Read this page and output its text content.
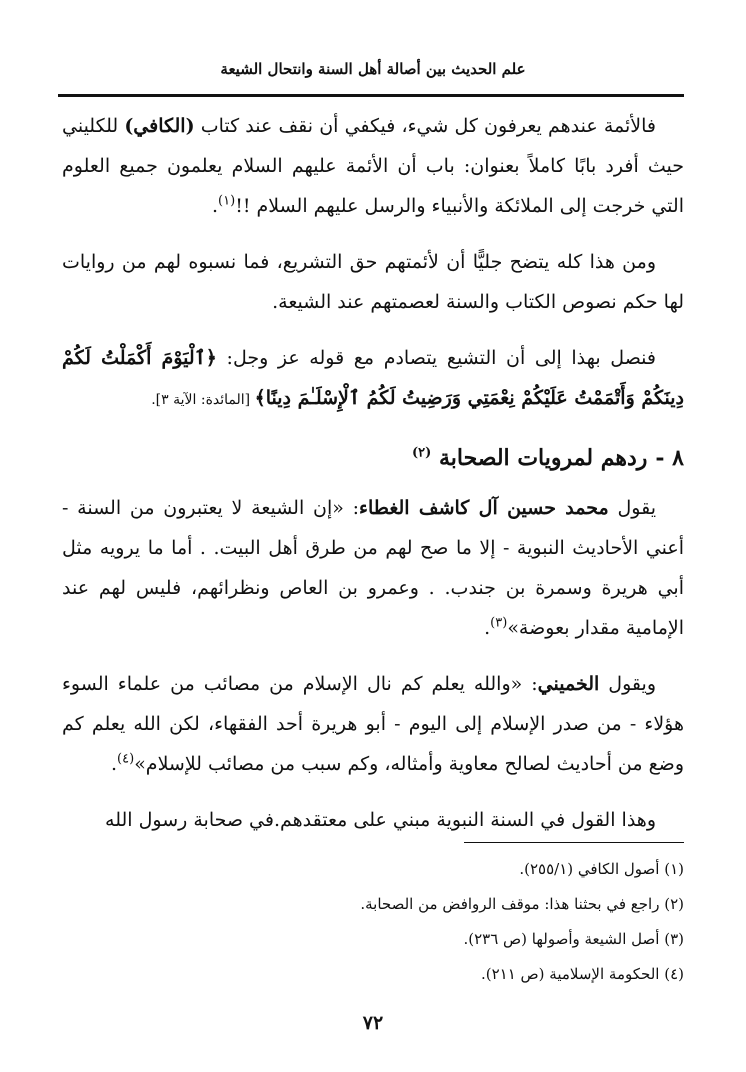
علم الحديث بين أصالة أهل السنة وانتحال الشيعة

فالأئمة عندهم يعرفون كل شيء، فيكفي أن نقف عند كتاب (الكافي) للكليني حيث أفرد بابًا كاملاً بعنوان: باب أن الأئمة عليهم السلام يعلمون جميع العلوم التي خرجت إلى الملائكة والأنبياء والرسل عليهم السلام !!$^{(١)}$.

ومن هذا كله يتضح جليًّا أن لأئمتهم حق التشريع، فما نسبوه لهم من روايات لها حكم نصوص الكتاب والسنة لعصمتهم عند الشيعة.

فنصل بهذا إلى أن التشيع يتصادم مع قوله عز وجل: ﴿ٱلْيَوْمَ أَكْمَلْتُ لَكُمْ دِينَكُمْ وَأَتْمَمْتُ عَلَيْكُمْ نِعْمَتِي وَرَضِيتُ لَكُمُ ٱلْإِسْلَـٰمَ دِينًا﴾ [المائدة: الآية ٣].

٨ -ردهم لمرويات الصحابة $^{(٢)}$

يقول محمد حسين آل كاشف الغطاء: «إن الشيعة لا يعتبرون من السنة - أعني الأحاديث النبوية - إلا ما صح لهم من طرق أهل البيت. . أما ما يرويه مثل أبي هريرة وسمرة بن جندب. . وعمرو بن العاص ونظرائهم، فليس لهم عند الإمامية مقدار بعوضة»$^{(٣)}$.

ويقول الخميني: «والله يعلم كم نال الإسلام من مصائب من علماء السوء هؤلاء - من صدر الإسلام إلى اليوم - أبو هريرة أحد الفقهاء، لكن الله يعلم كم وضع من أحاديث لصالح معاوية وأمثاله، وكم سبب من مصائب للإسلام»$^{(٤)}$.

وهذا القول في السنة النبوية مبني على معتقدهم.في صحابة رسول الله

(١) أصول الكافي (٢٥٥/١).

(٢) راجع في بحثنا هذا: موقف الروافض من الصحابة.

(٣) أصل الشيعة وأصولها (ص ٢٣٦).

(٤) الحكومة الإسلامية (ص ٢١١).

٧٢
